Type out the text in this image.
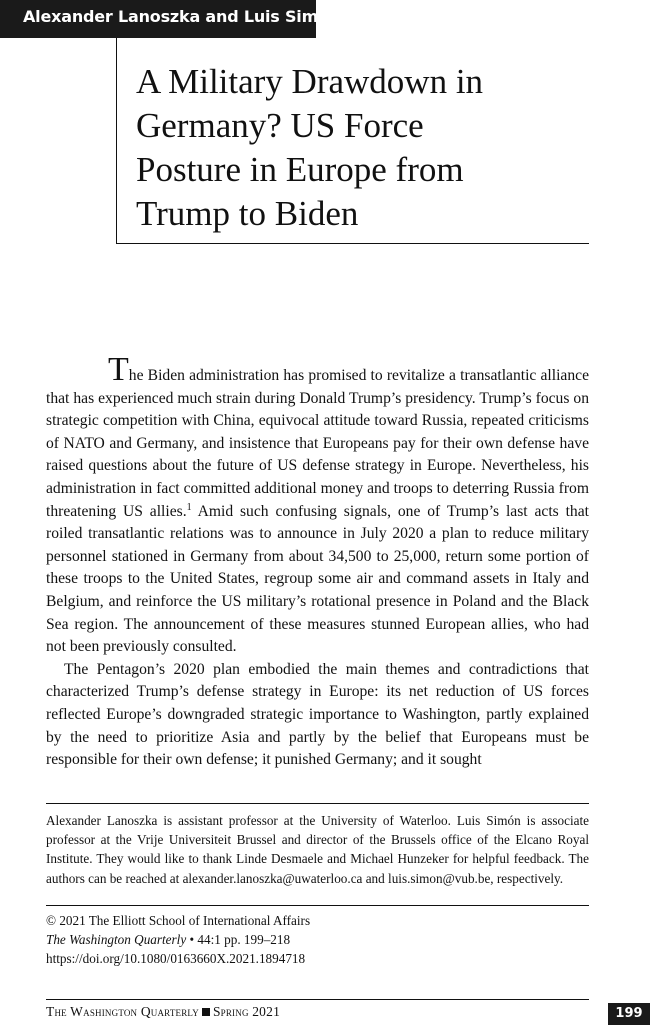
Alexander Lanoszka and Luis Simón
A Military Drawdown in
Germany? US Force
Posture in Europe from
Trump to Biden

The Biden administration has promised to revitalize a transatlantic alliance that has experienced much strain during Donald Trump’s presidency. Trump’s focus on strategic competition with China, equivocal attitude toward Russia, repeated criticisms of NATO and Germany, and insistence that Europeans pay for their own defense have raised questions about the future of US defense strategy in Europe. Nevertheless, his administration in fact committed additional money and troops to deterring Russia from threatening US allies.$^1$ Amid such confusing signals, one of Trump’s last acts that roiled transatlantic relations was to announce in July 2020 a plan to reduce military personnel stationed in Germany from about 34,500 to 25,000, return some portion of these troops to the United States, regroup some air and command assets in Italy and Belgium, and reinforce the US military’s rotational presence in Poland and the Black Sea region. The announcement of these measures stunned European allies, who had not been previously consulted.

The Pentagon’s 2020 plan embodied the main themes and contradictions that characterized Trump’s defense strategy in Europe: its net reduction of US forces reflected Europe’s downgraded strategic importance to Washington, partly explained by the need to prioritize Asia and partly by the belief that Europeans must be responsible for their own defense; it punished Germany; and it sought

Alexander Lanoszka is assistant professor at the University of Waterloo. Luis Simón is associate professor at the Vrije Universiteit Brussel and director of the Brussels office of the Elcano Royal Institute. They would like to thank Linde Desmaele and Michael Hunzeker for helpful feedback. The authors can be reached at alexander.lanoszka@uwaterloo.ca and luis.simon@vub.be, respectively.

© 2021 The Elliott School of International Affairs
The Washington Quarterly • 44:1 pp. 199–218
https://doi.org/10.1080/0163660X.2021.1894718
The Washington Quarterly Spring 2021	199
